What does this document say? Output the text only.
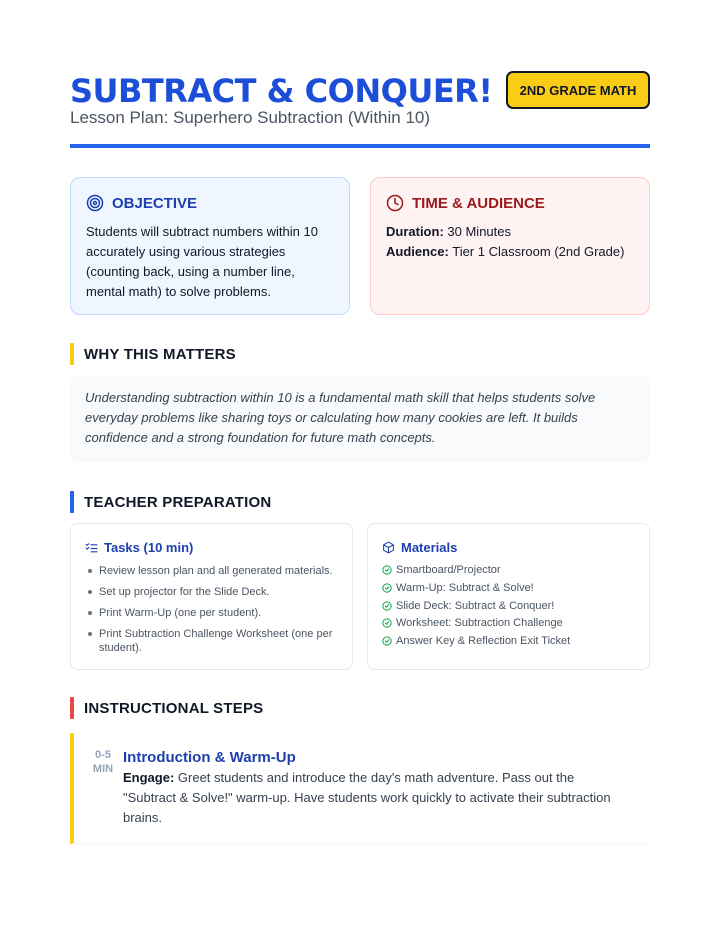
SUBTRACT & CONQUER!
Lesson Plan: Superhero Subtraction (Within 10)
2ND GRADE MATH
OBJECTIVE
Students will subtract numbers within 10
accurately using various strategies
(counting back, using a number line,
mental math) to solve problems.
TIME & AUDIENCE
Duration: 30 Minutes
Audience: Tier 1 Classroom (2nd Grade)
WHY THIS MATTERS
Understanding subtraction within 10 is a fundamental math skill that helps students solve
everyday problems like sharing toys or calculating how many cookies are left. It builds
confidence and a strong foundation for future math concepts.
TEACHER PREPARATION
Tasks (10 min)
Review lesson plan and all generated materials.
Set up projector for the Slide Deck.
Print Warm-Up (one per student).
Print Subtraction Challenge Worksheet (one per student).
Materials
Smartboard/Projector
Warm-Up: Subtract & Solve!
Slide Deck: Subtract & Conquer!
Worksheet: Subtraction Challenge
Answer Key & Reflection Exit Ticket
INSTRUCTIONAL STEPS
0-5
MIN
Introduction & Warm-Up
Engage: Greet students and introduce the day's math adventure. Pass out the
"Subtract & Solve!" warm-up. Have students work quickly to activate their subtraction
brains.
